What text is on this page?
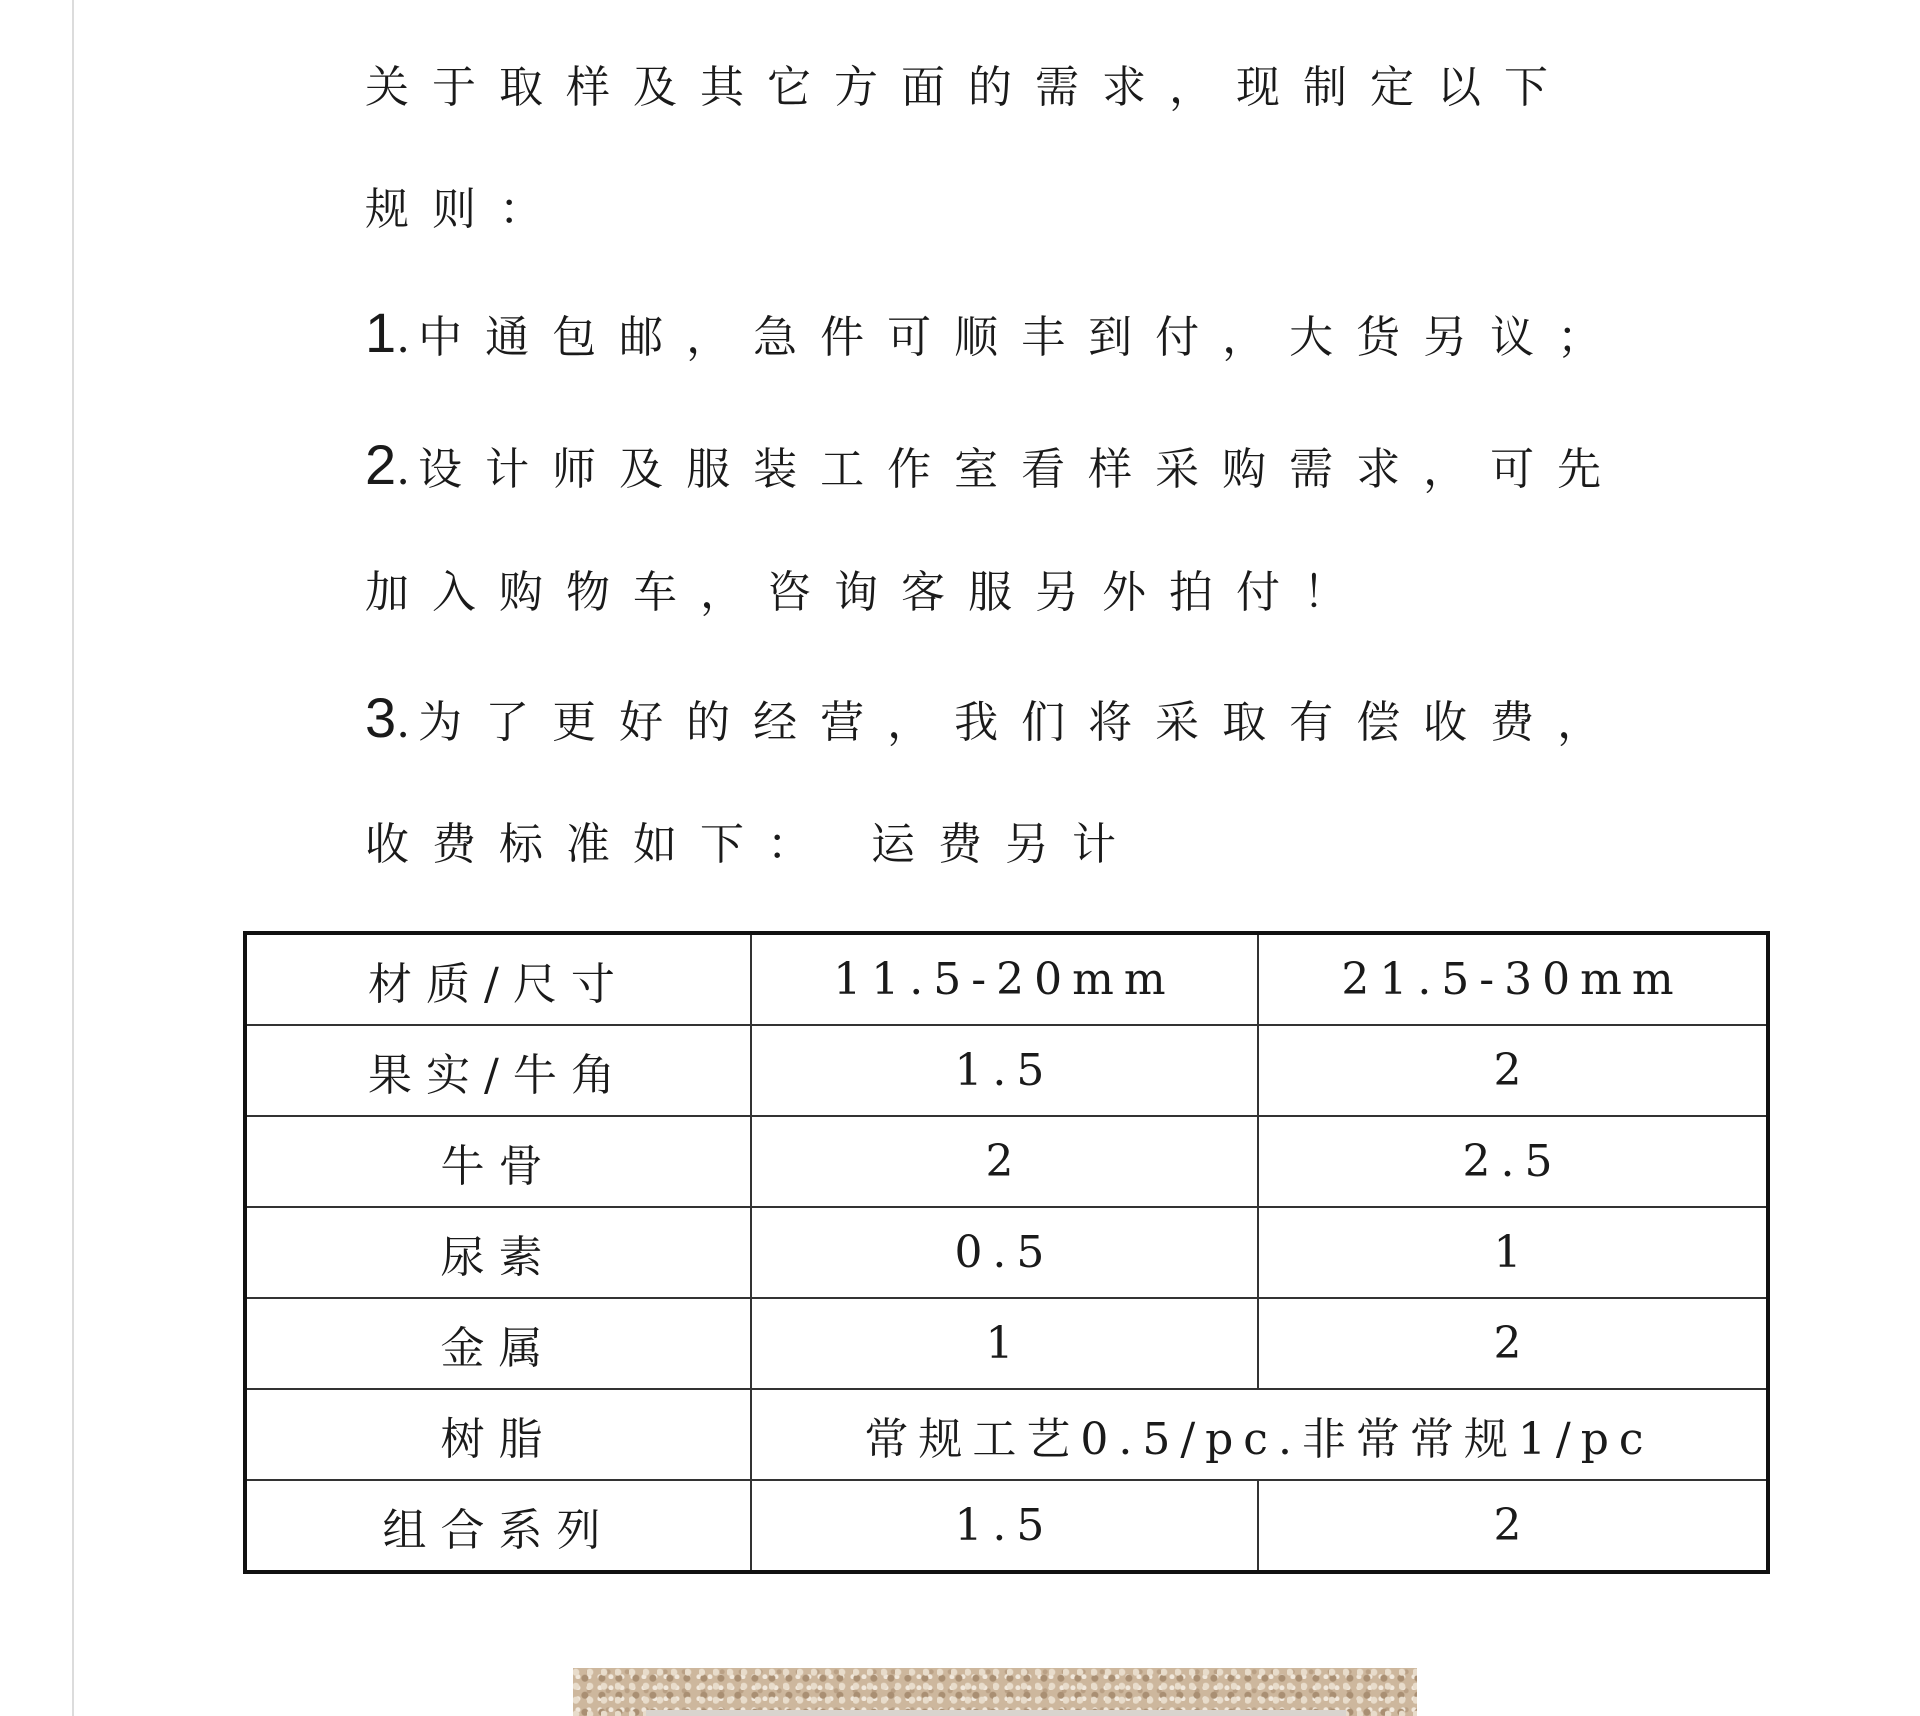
关于取样及其它方面的需求，现制定以下
规则：
1.中通包邮，急件可顺丰到付，大货另议；
2.设计师及服装工作室看样采购需求，可先
加入购物车，咨询客服另外拍付！
3.为了更好的经营，我们将采取有偿收费，
收费标准如下： 运费另计
材质/尺寸	11.5-20mm	21.5-30mm
果实/牛角	1.5	2
牛骨	2	2.5
尿素	0.5	1
金属	1	2
树脂	常规工艺0.5/pc.非常常规1/pc	
组合系列	1.5	2
